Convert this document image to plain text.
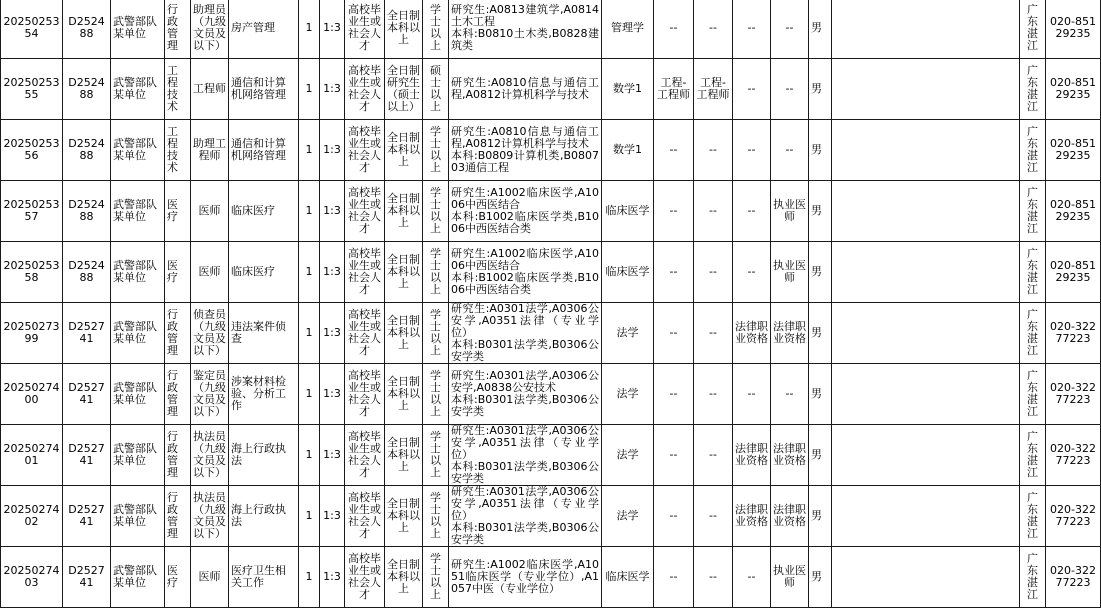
2025025354	D252488	武警部队某单位	行政管理	助理员（九级文员及以下）	房产管理	1	1:3	高校毕业生或社会人才	全日制本科以上	学士以上	研究生:A0813建筑学,A0814土木工程
本科:B0810土木类,B0828建筑类	管理学	--	--	--	--	男		广东湛江	020-85129235
2025025355	D252488	武警部队某单位	工程技术	工程师	通信和计算机网络管理	1	1:3	高校毕业生或社会人才	全日制研究生（硕士以上）	硕士以上	研究生:A0810信息与通信工程,A0812计算机科学与技术	数学1	工程-工程师	工程-工程师	--	--	男		广东湛江	020-85129235
2025025356	D252488	武警部队某单位	工程技术	助理工程师	通信和计算机网络管理	1	1:3	高校毕业生或社会人才	全日制本科以上	学士以上	研究生:A0810信息与通信工程,A0812计算机科学与技术
本科:B0809计算机类,B080703通信工程	数学1	--	--	--	--	男		广东湛江	020-85129235
2025025357	D252488	武警部队某单位	医疗	医师	临床医疗	1	1:3	高校毕业生或社会人才	全日制本科以上	学士以上	研究生:A1002临床医学,A1006中西医结合
本科:B1002临床医学类,B1006中西医结合类	临床医学	--	--	--	执业医师	男		广东湛江	020-85129235
2025025358	D252488	武警部队某单位	医疗	医师	临床医疗	1	1:3	高校毕业生或社会人才	全日制本科以上	学士以上	研究生:A1002临床医学,A1006中西医结合
本科:B1002临床医学类,B1006中西医结合类	临床医学	--	--	--	执业医师	男		广东湛江	020-85129235
2025027399	D252741	武警部队某单位	行政管理	侦查员（九级文员及以下）	违法案件侦查	1	1:3	高校毕业生或社会人才	全日制本科以上	学士以上	研究生:A0301法学,A0306公安学,A0351法律（专业学位）
本科:B0301法学类,B0306公安学类	法学	--	--	法律职业资格	法律职业资格	男		广东湛江	020-32277223
2025027400	D252741	武警部队某单位	行政管理	鉴定员（九级文员及以下）	涉案材料检验、分析工作	1	1:3	高校毕业生或社会人才	全日制本科以上	学士以上	研究生:A0301法学,A0306公安学,A0838公安技术
本科:B0301法学类,B0306公安学类	法学	--	--	--	--	男		广东湛江	020-32277223
2025027401	D252741	武警部队某单位	行政管理	执法员（九级文员及以下）	海上行政执法	1	1:3	高校毕业生或社会人才	全日制本科以上	学士以上	研究生:A0301法学,A0306公安学,A0351法律（专业学位）
本科:B0301法学类,B0306公安学类	法学	--	--	法律职业资格	法律职业资格	男		广东湛江	020-32277223
2025027402	D252741	武警部队某单位	行政管理	执法员（九级文员及以下）	海上行政执法	1	1:3	高校毕业生或社会人才	全日制本科以上	学士以上	研究生:A0301法学,A0306公安学,A0351法律（专业学位）
本科:B0301法学类,B0306公安学类	法学	--	--	法律职业资格	法律职业资格	男		广东湛江	020-32277223
2025027403	D252741	武警部队某单位	医疗	医师	医疗卫生相关工作	1	1:3	高校毕业生或社会人才	全日制本科以上	学士以上	研究生:A1002临床医学,A1051临床医学（专业学位）,A1057中医（专业学位）	临床医学	--	--	--	执业医师	男		广东湛江	020-32277223
